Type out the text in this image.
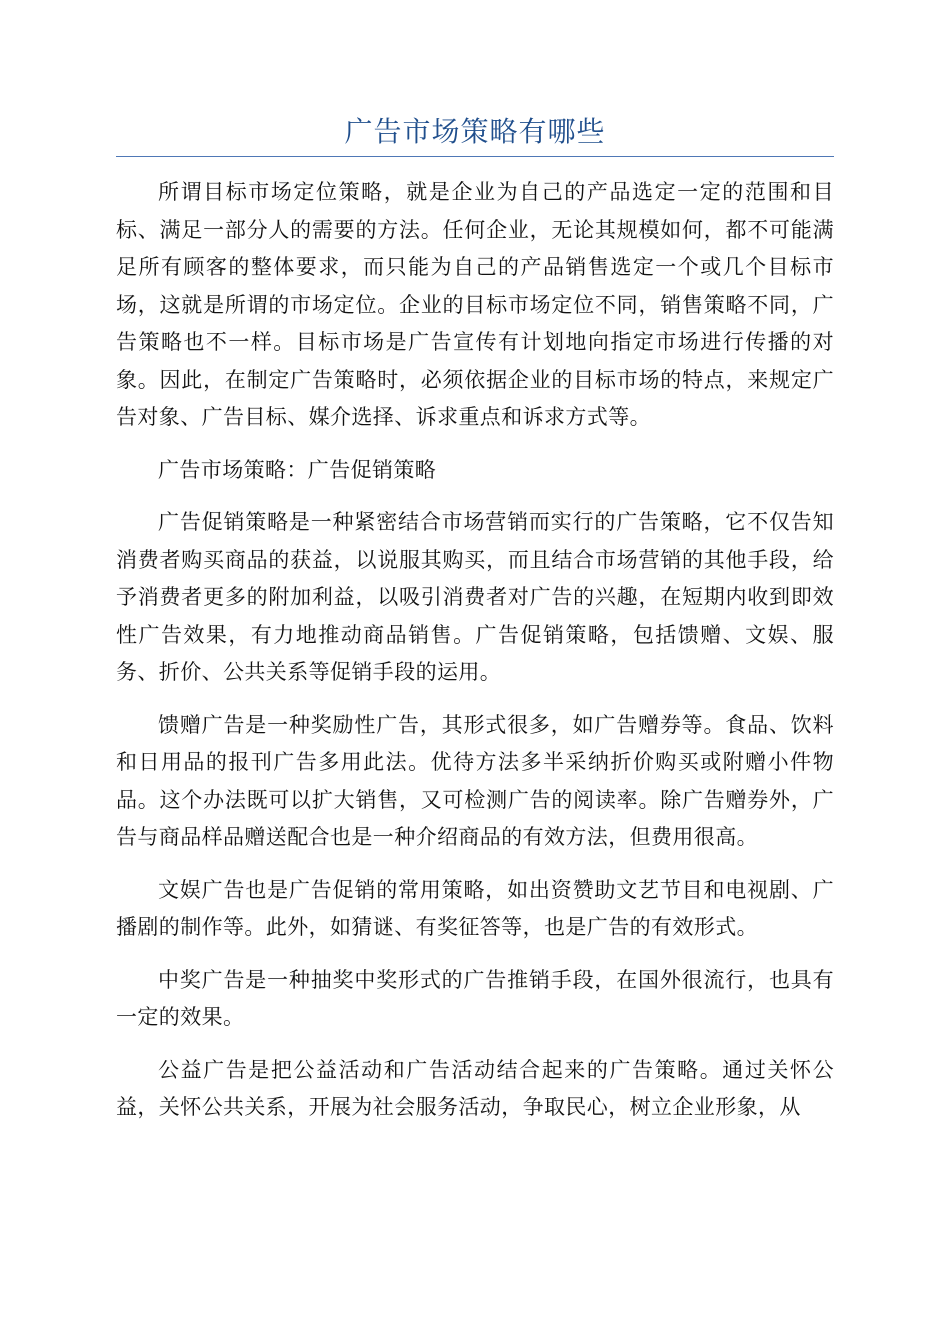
广告市场策略有哪些

所谓目标市场定位策略，就是企业为自己的产品选定一定的范围和目标、满足一部分人的需要的方法。任何企业，无论其规模如何，都不可能满足所有顾客的整体要求，而只能为自己的产品销售选定一个或几个目标市场，这就是所谓的市场定位。企业的目标市场定位不同，销售策略不同，广告策略也不一样。目标市场是广告宣传有计划地向指定市场进行传播的对象。因此，在制定广告策略时，必须依据企业的目标市场的特点，来规定广告对象、广告目标、媒介选择、诉求重点和诉求方式等。

广告市场策略：广告促销策略

广告促销策略是一种紧密结合市场营销而实行的广告策略，它不仅告知消费者购买商品的获益，以说服其购买，而且结合市场营销的其他手段，给予消费者更多的附加利益，以吸引消费者对广告的兴趣，在短期内收到即效性广告效果，有力地推动商品销售。广告促销策略，包括馈赠、文娱、服务、折价、公共关系等促销手段的运用。

馈赠广告是一种奖励性广告，其形式很多，如广告赠券等。食品、饮料和日用品的报刊广告多用此法。优待方法多半采纳折价购买或附赠小件物品。这个办法既可以扩大销售，又可检测广告的阅读率。除广告赠券外，广告与商品样品赠送配合也是一种介绍商品的有效方法，但费用很高。

文娱广告也是广告促销的常用策略，如出资赞助文艺节目和电视剧、广播剧的制作等。此外，如猜谜、有奖征答等，也是广告的有效形式。

中奖广告是一种抽奖中奖形式的广告推销手段，在国外很流行，也具有一定的效果。

公益广告是把公益活动和广告活动结合起来的广告策略。通过关怀公益，关怀公共关系，开展为社会服务活动，争取民心，树立企业形象，从
